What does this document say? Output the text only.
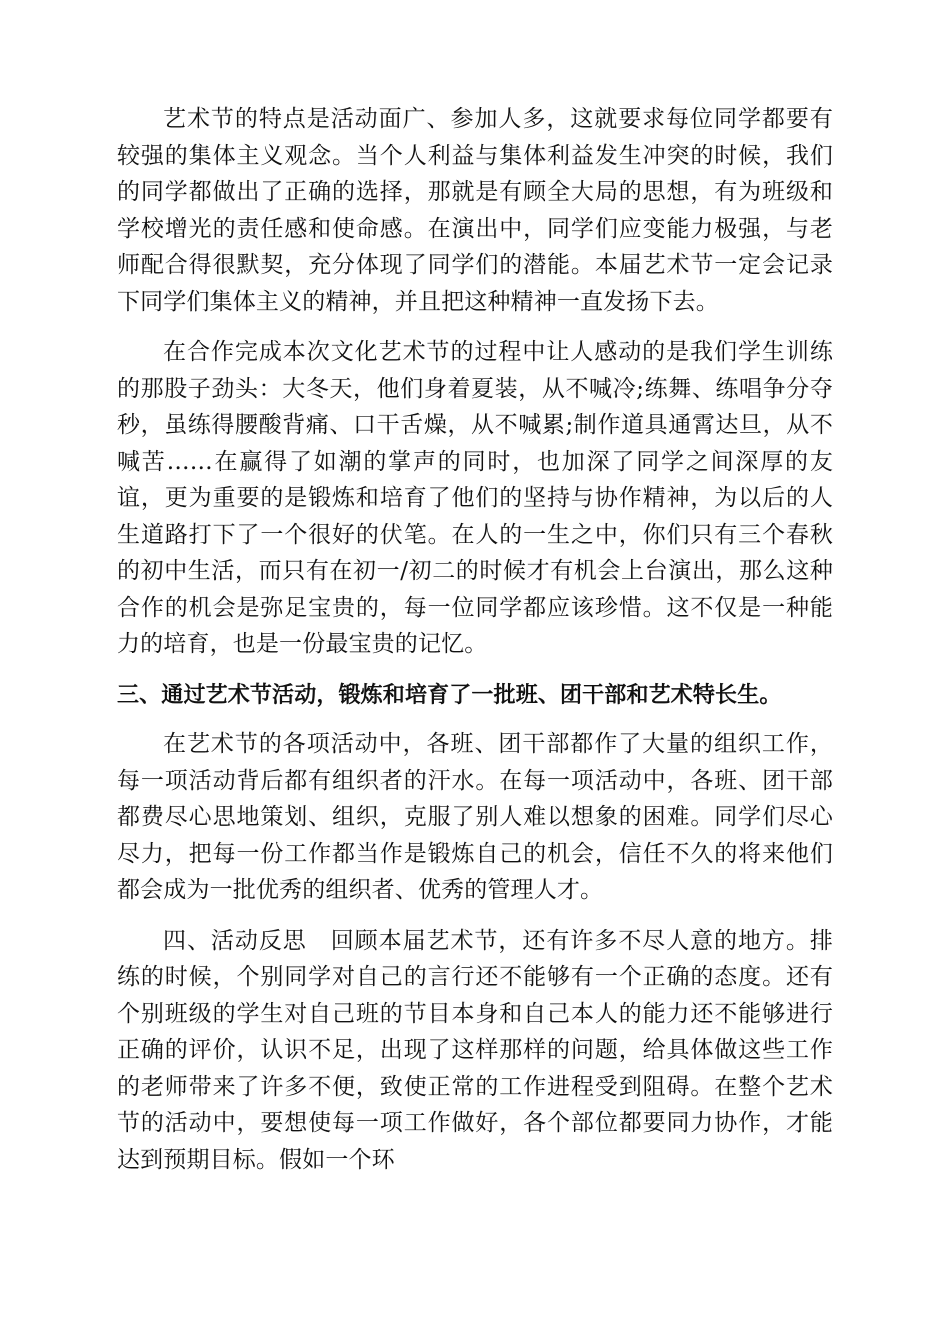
艺术节的特点是活动面广、参加人多，这就要求每位同学都要有较强的集体主义观念。当个人利益与集体利益发生冲突的时候，我们的同学都做出了正确的选择，那就是有顾全大局的思想，有为班级和学校增光的责任感和使命感。在演出中，同学们应变能力极强，与老师配合得很默契，充分体现了同学们的潜能。本届艺术节一定会记录下同学们集体主义的精神，并且把这种精神一直发扬下去。

在合作完成本次文化艺术节的过程中让人感动的是我们学生训练的那股子劲头：大冬天，他们身着夏装，从不喊冷;练舞、练唱争分夺秒，虽练得腰酸背痛、口干舌燥，从不喊累;制作道具通霄达旦，从不喊苦……在赢得了如潮的掌声的同时，也加深了同学之间深厚的友谊，更为重要的是锻炼和培育了他们的坚持与协作精神，为以后的人生道路打下了一个很好的伏笔。在人的一生之中，你们只有三个春秋的初中生活，而只有在初一/初二的时候才有机会上台演出，那么这种合作的机会是弥足宝贵的，每一位同学都应该珍惜。这不仅是一种能力的培育，也是一份最宝贵的记忆。

三、通过艺术节活动，锻炼和培育了一批班、团干部和艺术特长生。

在艺术节的各项活动中，各班、团干部都作了大量的组织工作，每一项活动背后都有组织者的汗水。在每一项活动中，各班、团干部都费尽心思地策划、组织，克服了别人难以想象的困难。同学们尽心尽力，把每一份工作都当作是锻炼自己的机会，信任不久的将来他们都会成为一批优秀的组织者、优秀的管理人才。

四、活动反思　回顾本届艺术节，还有许多不尽人意的地方。排练的时候，个别同学对自己的言行还不能够有一个正确的态度。还有个别班级的学生对自己班的节目本身和自己本人的能力还不能够进行正确的评价，认识不足，出现了这样那样的问题，给具体做这些工作的老师带来了许多不便，致使正常的工作进程受到阻碍。在整个艺术节的活动中，要想使每一项工作做好，各个部位都要同力协作，才能达到预期目标。假如一个环
